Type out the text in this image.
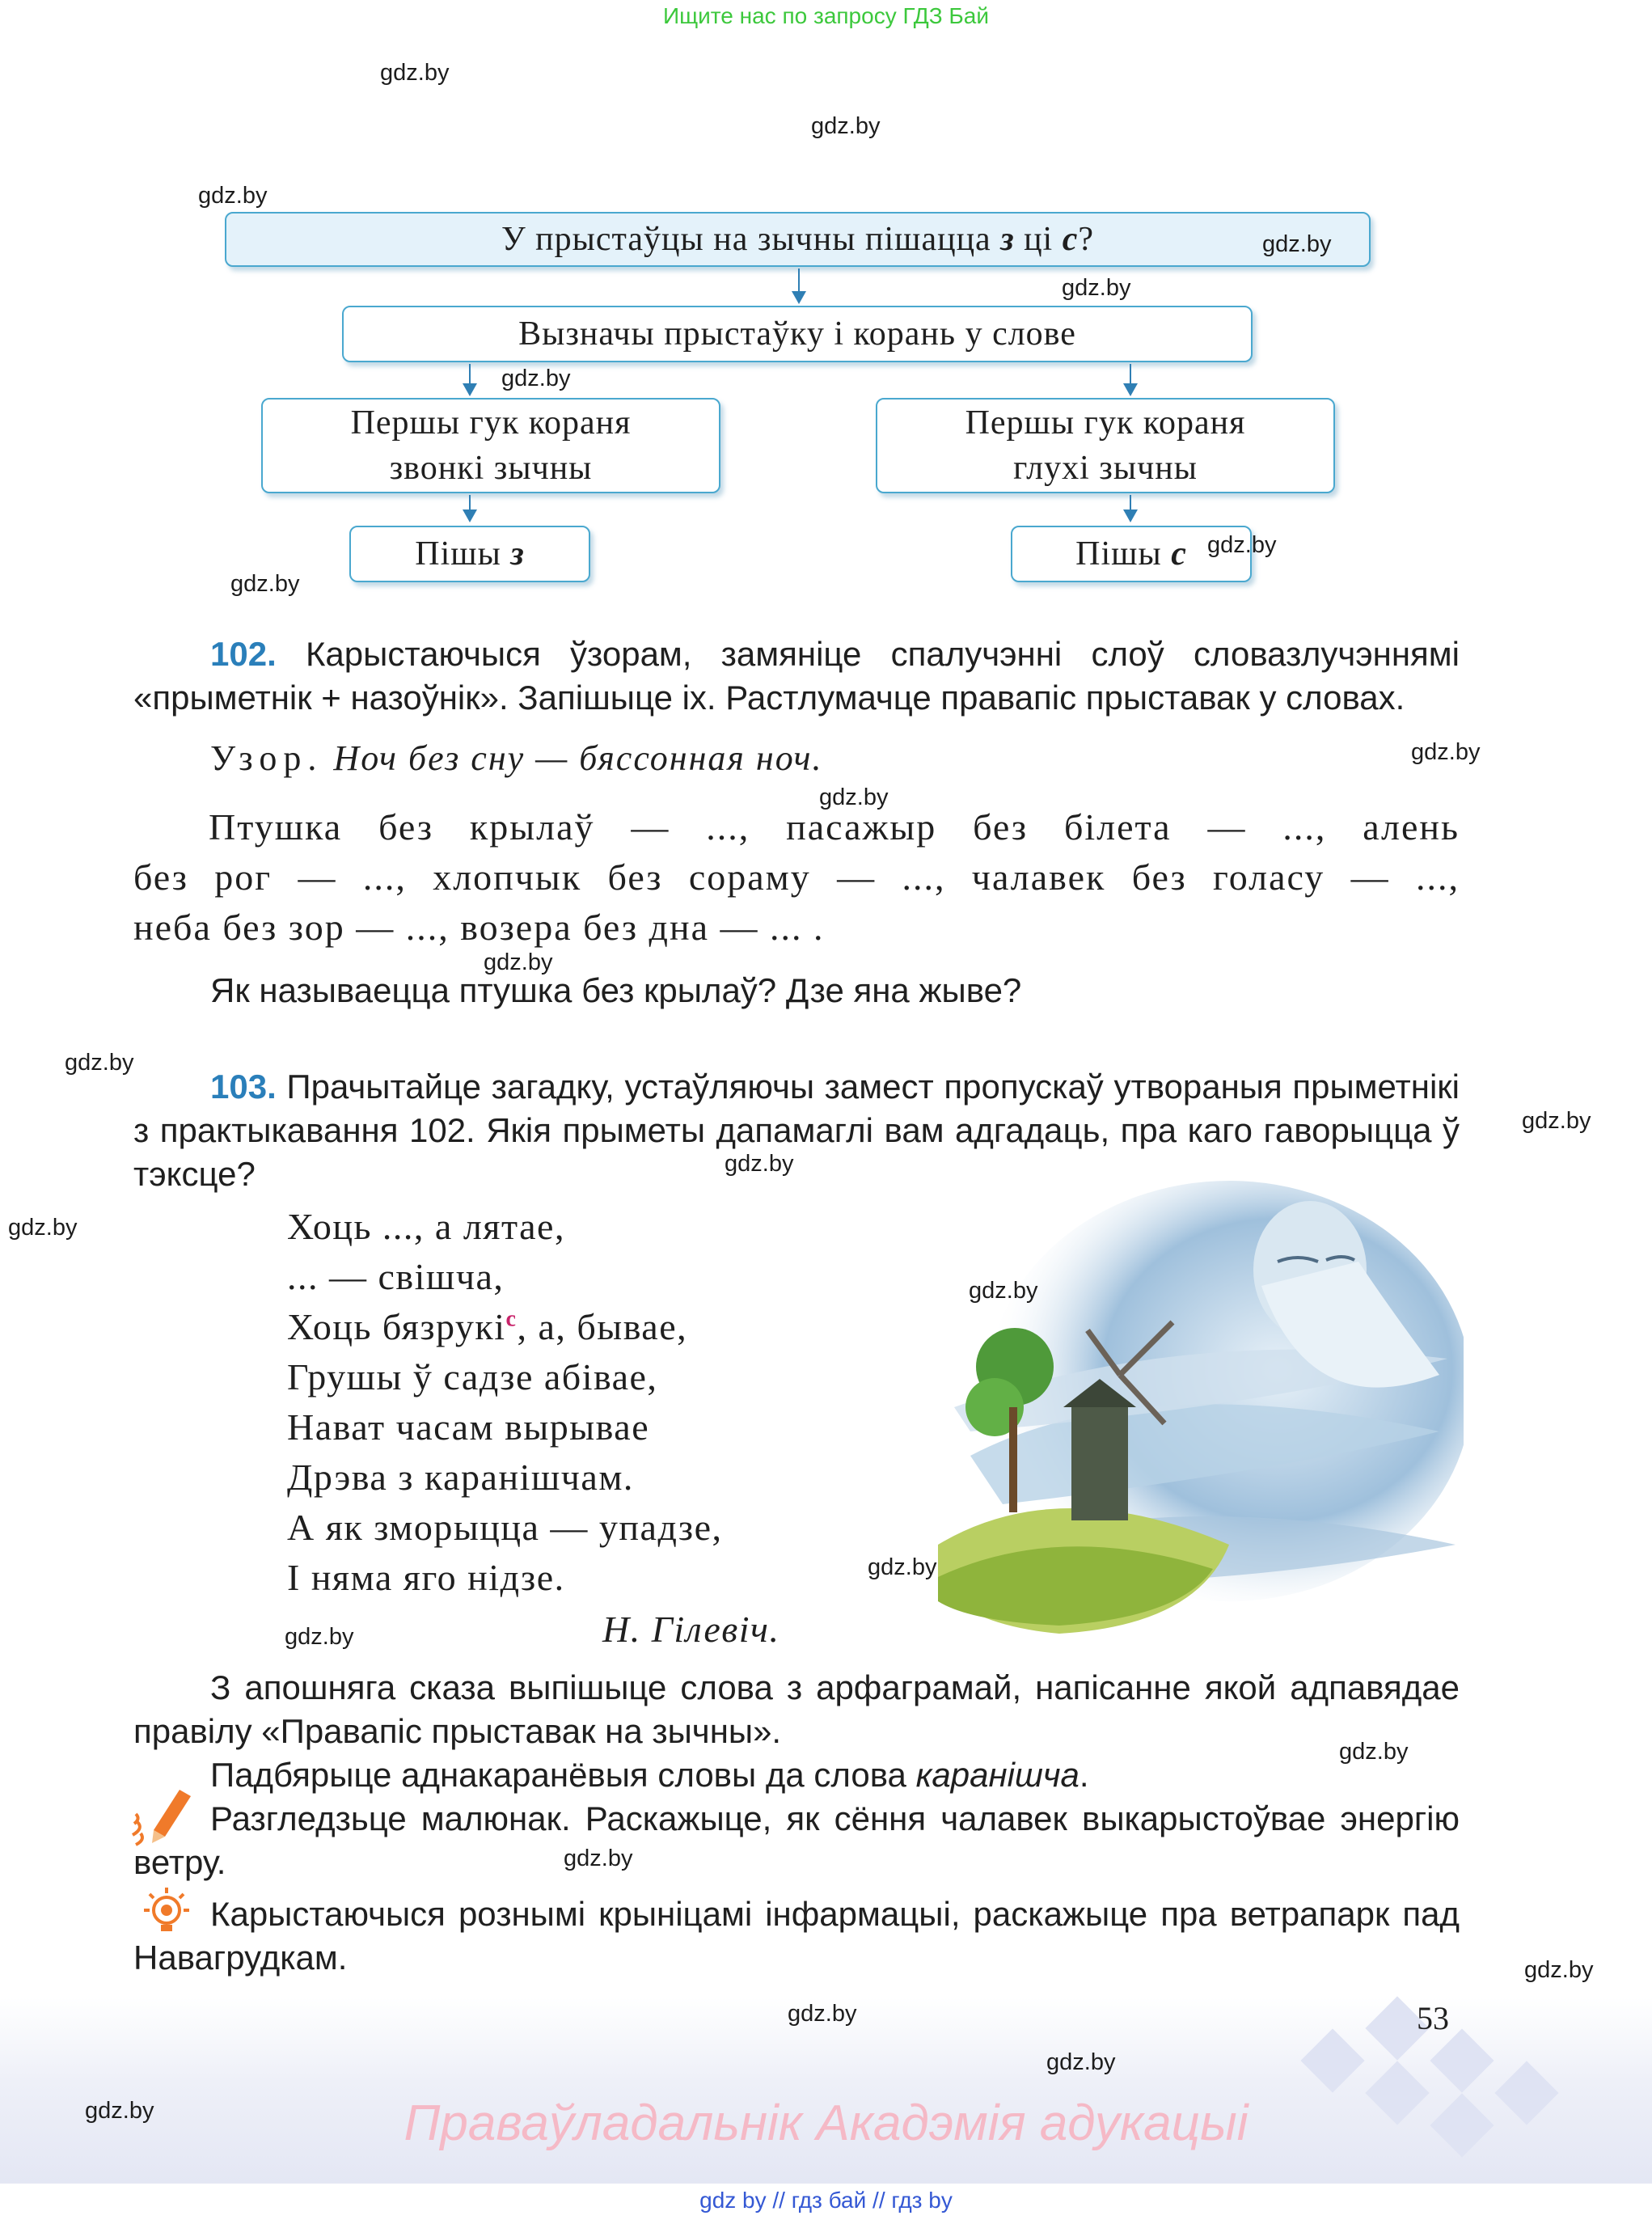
Ищите нас по запросу ГДЗ Бай
У прыстаўцы на зычны пішацца з ці с?
Вызначы прыстаўку і корань у слове
Першы гук кораня
звонкі зычны
Першы гук кораня
глухі зычны
Пішы з	Пішы с
102. Карыстаючыся ўзорам, замяніце спалучэнні слоў словазлучэннямі «прыметнік + назоўнік». Запішыце іх. Растлумачце правапіс прыставак у словах.
Узор. Ноч без сну — бяссонная ноч.
Птушка без крылаў — ..., пасажыр без білета — ..., алень
без рог — ..., хлопчык без сораму — ..., чалавек без голасу — ...,
неба без зор — ..., возера без дна — ... .
Як называецца птушка без крылаў? Дзе яна жыве?
103. Прачытайце загадку, устаўляючы замест пропускаў утвораныя прыметнікі з практыкавання 102. Якія прыметы дапамаглі вам адгадаць, пра каго гаворыцца ў тэксце?
Хоць ..., а лятае,
... — свішча,
Хоць бязрукі$^с$, а, бывае,
Грушы ў садзе абівае,
Нават часам вырывае
Дрэва з каранішчам.
А як зморыцца — упадзе,
І няма яго нідзе.
Н. Гілевіч.
З апошняга сказа выпішыце слова з арфаграмай, напісанне якой адпавядае правілу «Правапіс прыставак на зычны».
Падбярыце аднакаранёвыя словы да слова каранішча.
Разгледзьце малюнак. Раскажыце, як сёння чалавек выкарыстоўвае энергію ветру.
Карыстаючыся рознымі крыніцамі інфармацыі, раскажыце пра ветрапарк пад Навагрудкам.
53
Праваўладальнік Акадэмія адукацыі
gdz by // гдз бай // гдз by
gdz.by
gdz.by
gdz.by
gdz.by
gdz.by
gdz.by
gdz.by
gdz.by
gdz.by
gdz.by
gdz.by
gdz.by
gdz.by
gdz.by
gdz.by
gdz.by
gdz.by
gdz.by
gdz.by
gdz.by
gdz.by
gdz.by
gdz.by
gdz.by
